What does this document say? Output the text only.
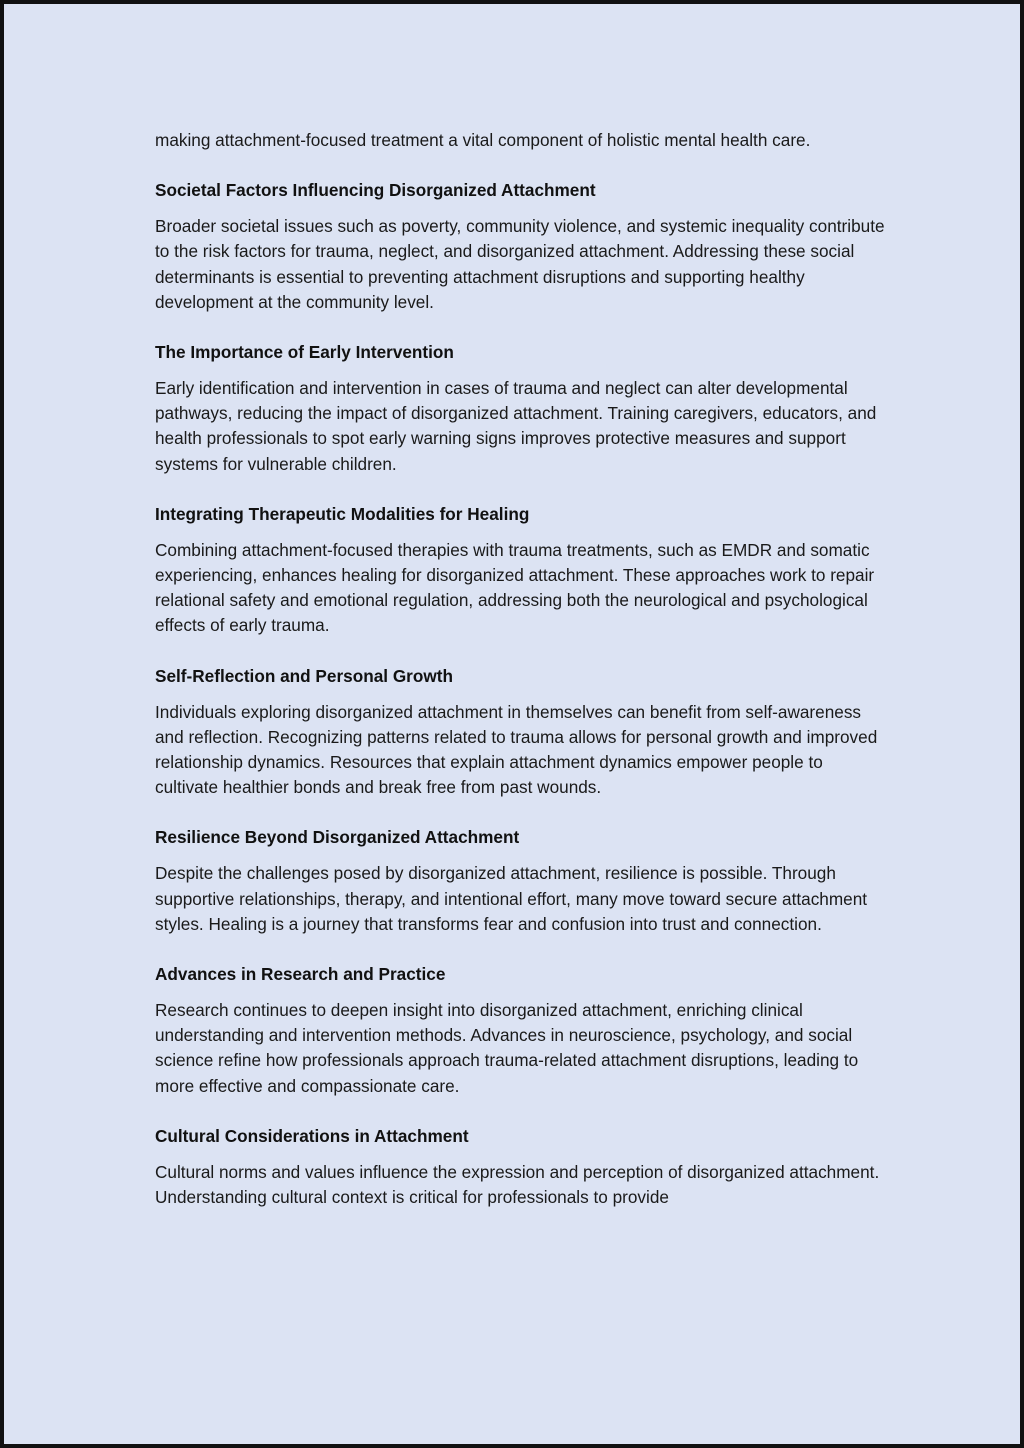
making attachment-focused treatment a vital component of holistic mental health care.

Societal Factors Influencing Disorganized Attachment

Broader societal issues such as poverty, community violence, and systemic inequality contribute to the risk factors for trauma, neglect, and disorganized attachment. Addressing these social determinants is essential to preventing attachment disruptions and supporting healthy development at the community level.

The Importance of Early Intervention

Early identification and intervention in cases of trauma and neglect can alter developmental pathways, reducing the impact of disorganized attachment. Training caregivers, educators, and health professionals to spot early warning signs improves protective measures and support systems for vulnerable children.

Integrating Therapeutic Modalities for Healing

Combining attachment-focused therapies with trauma treatments, such as EMDR and somatic experiencing, enhances healing for disorganized attachment. These approaches work to repair relational safety and emotional regulation, addressing both the neurological and psychological effects of early trauma.

Self-Reflection and Personal Growth

Individuals exploring disorganized attachment in themselves can benefit from self-awareness and reflection. Recognizing patterns related to trauma allows for personal growth and improved relationship dynamics. Resources that explain attachment dynamics empower people to cultivate healthier bonds and break free from past wounds.

Resilience Beyond Disorganized Attachment

Despite the challenges posed by disorganized attachment, resilience is possible. Through supportive relationships, therapy, and intentional effort, many move toward secure attachment styles. Healing is a journey that transforms fear and confusion into trust and connection.

Advances in Research and Practice

Research continues to deepen insight into disorganized attachment, enriching clinical understanding and intervention methods. Advances in neuroscience, psychology, and social science refine how professionals approach trauma-related attachment disruptions, leading to more effective and compassionate care.

Cultural Considerations in Attachment

Cultural norms and values influence the expression and perception of disorganized attachment. Understanding cultural context is critical for professionals to provide
